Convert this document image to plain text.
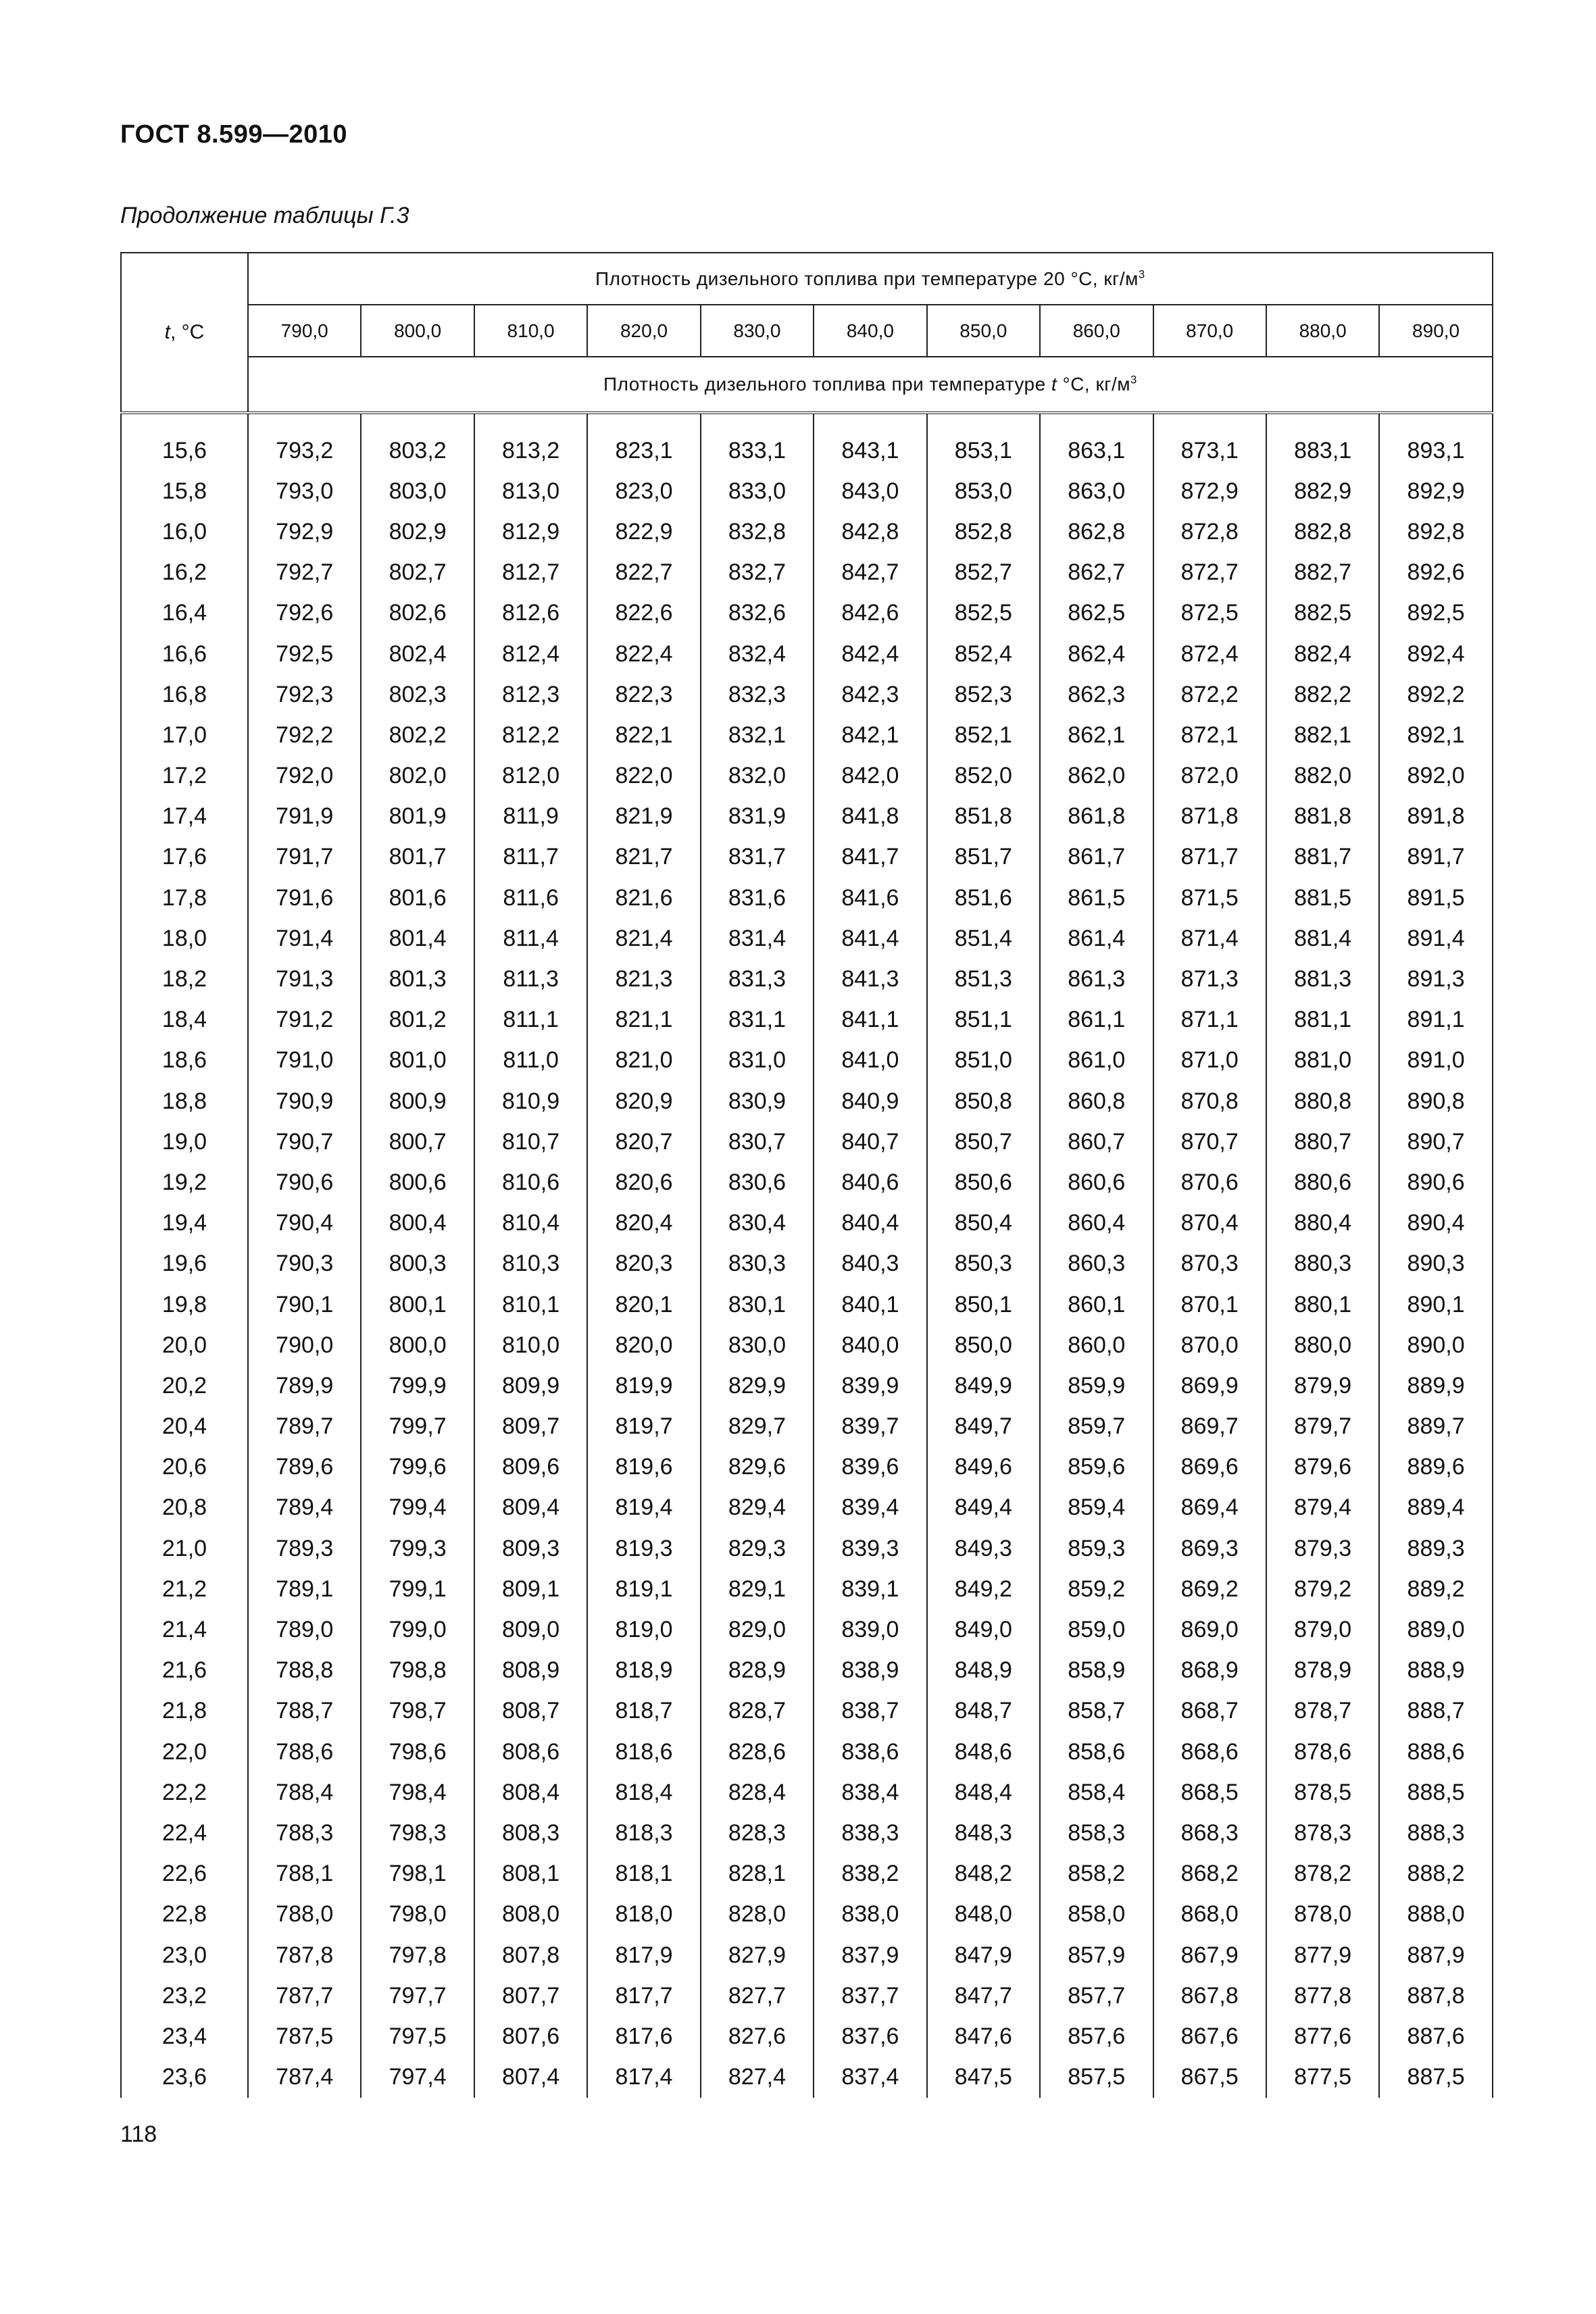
ГОСТ 8.599—2010
Продолжение таблицы Г.3
t, °C	Плотность дизельного топлива при температуре 20 °С, $кг/м^3$
	790,0	800,0	810,0	820,0	830,0	840,0	850,0	860,0	870,0	880,0	890,0
	Плотность дизельного топлива при температуре t °С, $кг/м^3$

15,6	793,2	803,2	813,2	823,1	833,1	843,1	853,1	863,1	873,1	883,1	893,1
15,8	793,0	803,0	813,0	823,0	833,0	843,0	853,0	863,0	872,9	882,9	892,9
16,0	792,9	802,9	812,9	822,9	832,8	842,8	852,8	862,8	872,8	882,8	892,8
16,2	792,7	802,7	812,7	822,7	832,7	842,7	852,7	862,7	872,7	882,7	892,6
16,4	792,6	802,6	812,6	822,6	832,6	842,6	852,5	862,5	872,5	882,5	892,5
16,6	792,5	802,4	812,4	822,4	832,4	842,4	852,4	862,4	872,4	882,4	892,4
16,8	792,3	802,3	812,3	822,3	832,3	842,3	852,3	862,3	872,2	882,2	892,2
17,0	792,2	802,2	812,2	822,1	832,1	842,1	852,1	862,1	872,1	882,1	892,1
17,2	792,0	802,0	812,0	822,0	832,0	842,0	852,0	862,0	872,0	882,0	892,0
17,4	791,9	801,9	811,9	821,9	831,9	841,8	851,8	861,8	871,8	881,8	891,8
17,6	791,7	801,7	811,7	821,7	831,7	841,7	851,7	861,7	871,7	881,7	891,7
17,8	791,6	801,6	811,6	821,6	831,6	841,6	851,6	861,5	871,5	881,5	891,5
18,0	791,4	801,4	811,4	821,4	831,4	841,4	851,4	861,4	871,4	881,4	891,4
18,2	791,3	801,3	811,3	821,3	831,3	841,3	851,3	861,3	871,3	881,3	891,3
18,4	791,2	801,2	811,1	821,1	831,1	841,1	851,1	861,1	871,1	881,1	891,1
18,6	791,0	801,0	811,0	821,0	831,0	841,0	851,0	861,0	871,0	881,0	891,0
18,8	790,9	800,9	810,9	820,9	830,9	840,9	850,8	860,8	870,8	880,8	890,8
19,0	790,7	800,7	810,7	820,7	830,7	840,7	850,7	860,7	870,7	880,7	890,7
19,2	790,6	800,6	810,6	820,6	830,6	840,6	850,6	860,6	870,6	880,6	890,6
19,4	790,4	800,4	810,4	820,4	830,4	840,4	850,4	860,4	870,4	880,4	890,4
19,6	790,3	800,3	810,3	820,3	830,3	840,3	850,3	860,3	870,3	880,3	890,3
19,8	790,1	800,1	810,1	820,1	830,1	840,1	850,1	860,1	870,1	880,1	890,1
20,0	790,0	800,0	810,0	820,0	830,0	840,0	850,0	860,0	870,0	880,0	890,0
20,2	789,9	799,9	809,9	819,9	829,9	839,9	849,9	859,9	869,9	879,9	889,9
20,4	789,7	799,7	809,7	819,7	829,7	839,7	849,7	859,7	869,7	879,7	889,7
20,6	789,6	799,6	809,6	819,6	829,6	839,6	849,6	859,6	869,6	879,6	889,6
20,8	789,4	799,4	809,4	819,4	829,4	839,4	849,4	859,4	869,4	879,4	889,4
21,0	789,3	799,3	809,3	819,3	829,3	839,3	849,3	859,3	869,3	879,3	889,3
21,2	789,1	799,1	809,1	819,1	829,1	839,1	849,2	859,2	869,2	879,2	889,2
21,4	789,0	799,0	809,0	819,0	829,0	839,0	849,0	859,0	869,0	879,0	889,0
21,6	788,8	798,8	808,9	818,9	828,9	838,9	848,9	858,9	868,9	878,9	888,9
21,8	788,7	798,7	808,7	818,7	828,7	838,7	848,7	858,7	868,7	878,7	888,7
22,0	788,6	798,6	808,6	818,6	828,6	838,6	848,6	858,6	868,6	878,6	888,6
22,2	788,4	798,4	808,4	818,4	828,4	838,4	848,4	858,4	868,5	878,5	888,5
22,4	788,3	798,3	808,3	818,3	828,3	838,3	848,3	858,3	868,3	878,3	888,3
22,6	788,1	798,1	808,1	818,1	828,1	838,2	848,2	858,2	868,2	878,2	888,2
22,8	788,0	798,0	808,0	818,0	828,0	838,0	848,0	858,0	868,0	878,0	888,0
23,0	787,8	797,8	807,8	817,9	827,9	837,9	847,9	857,9	867,9	877,9	887,9
23,2	787,7	797,7	807,7	817,7	827,7	837,7	847,7	857,7	867,8	877,8	887,8
23,4	787,5	797,5	807,6	817,6	827,6	837,6	847,6	857,6	867,6	877,6	887,6
23,6	787,4	797,4	807,4	817,4	827,4	837,4	847,5	857,5	867,5	877,5	887,5
118
